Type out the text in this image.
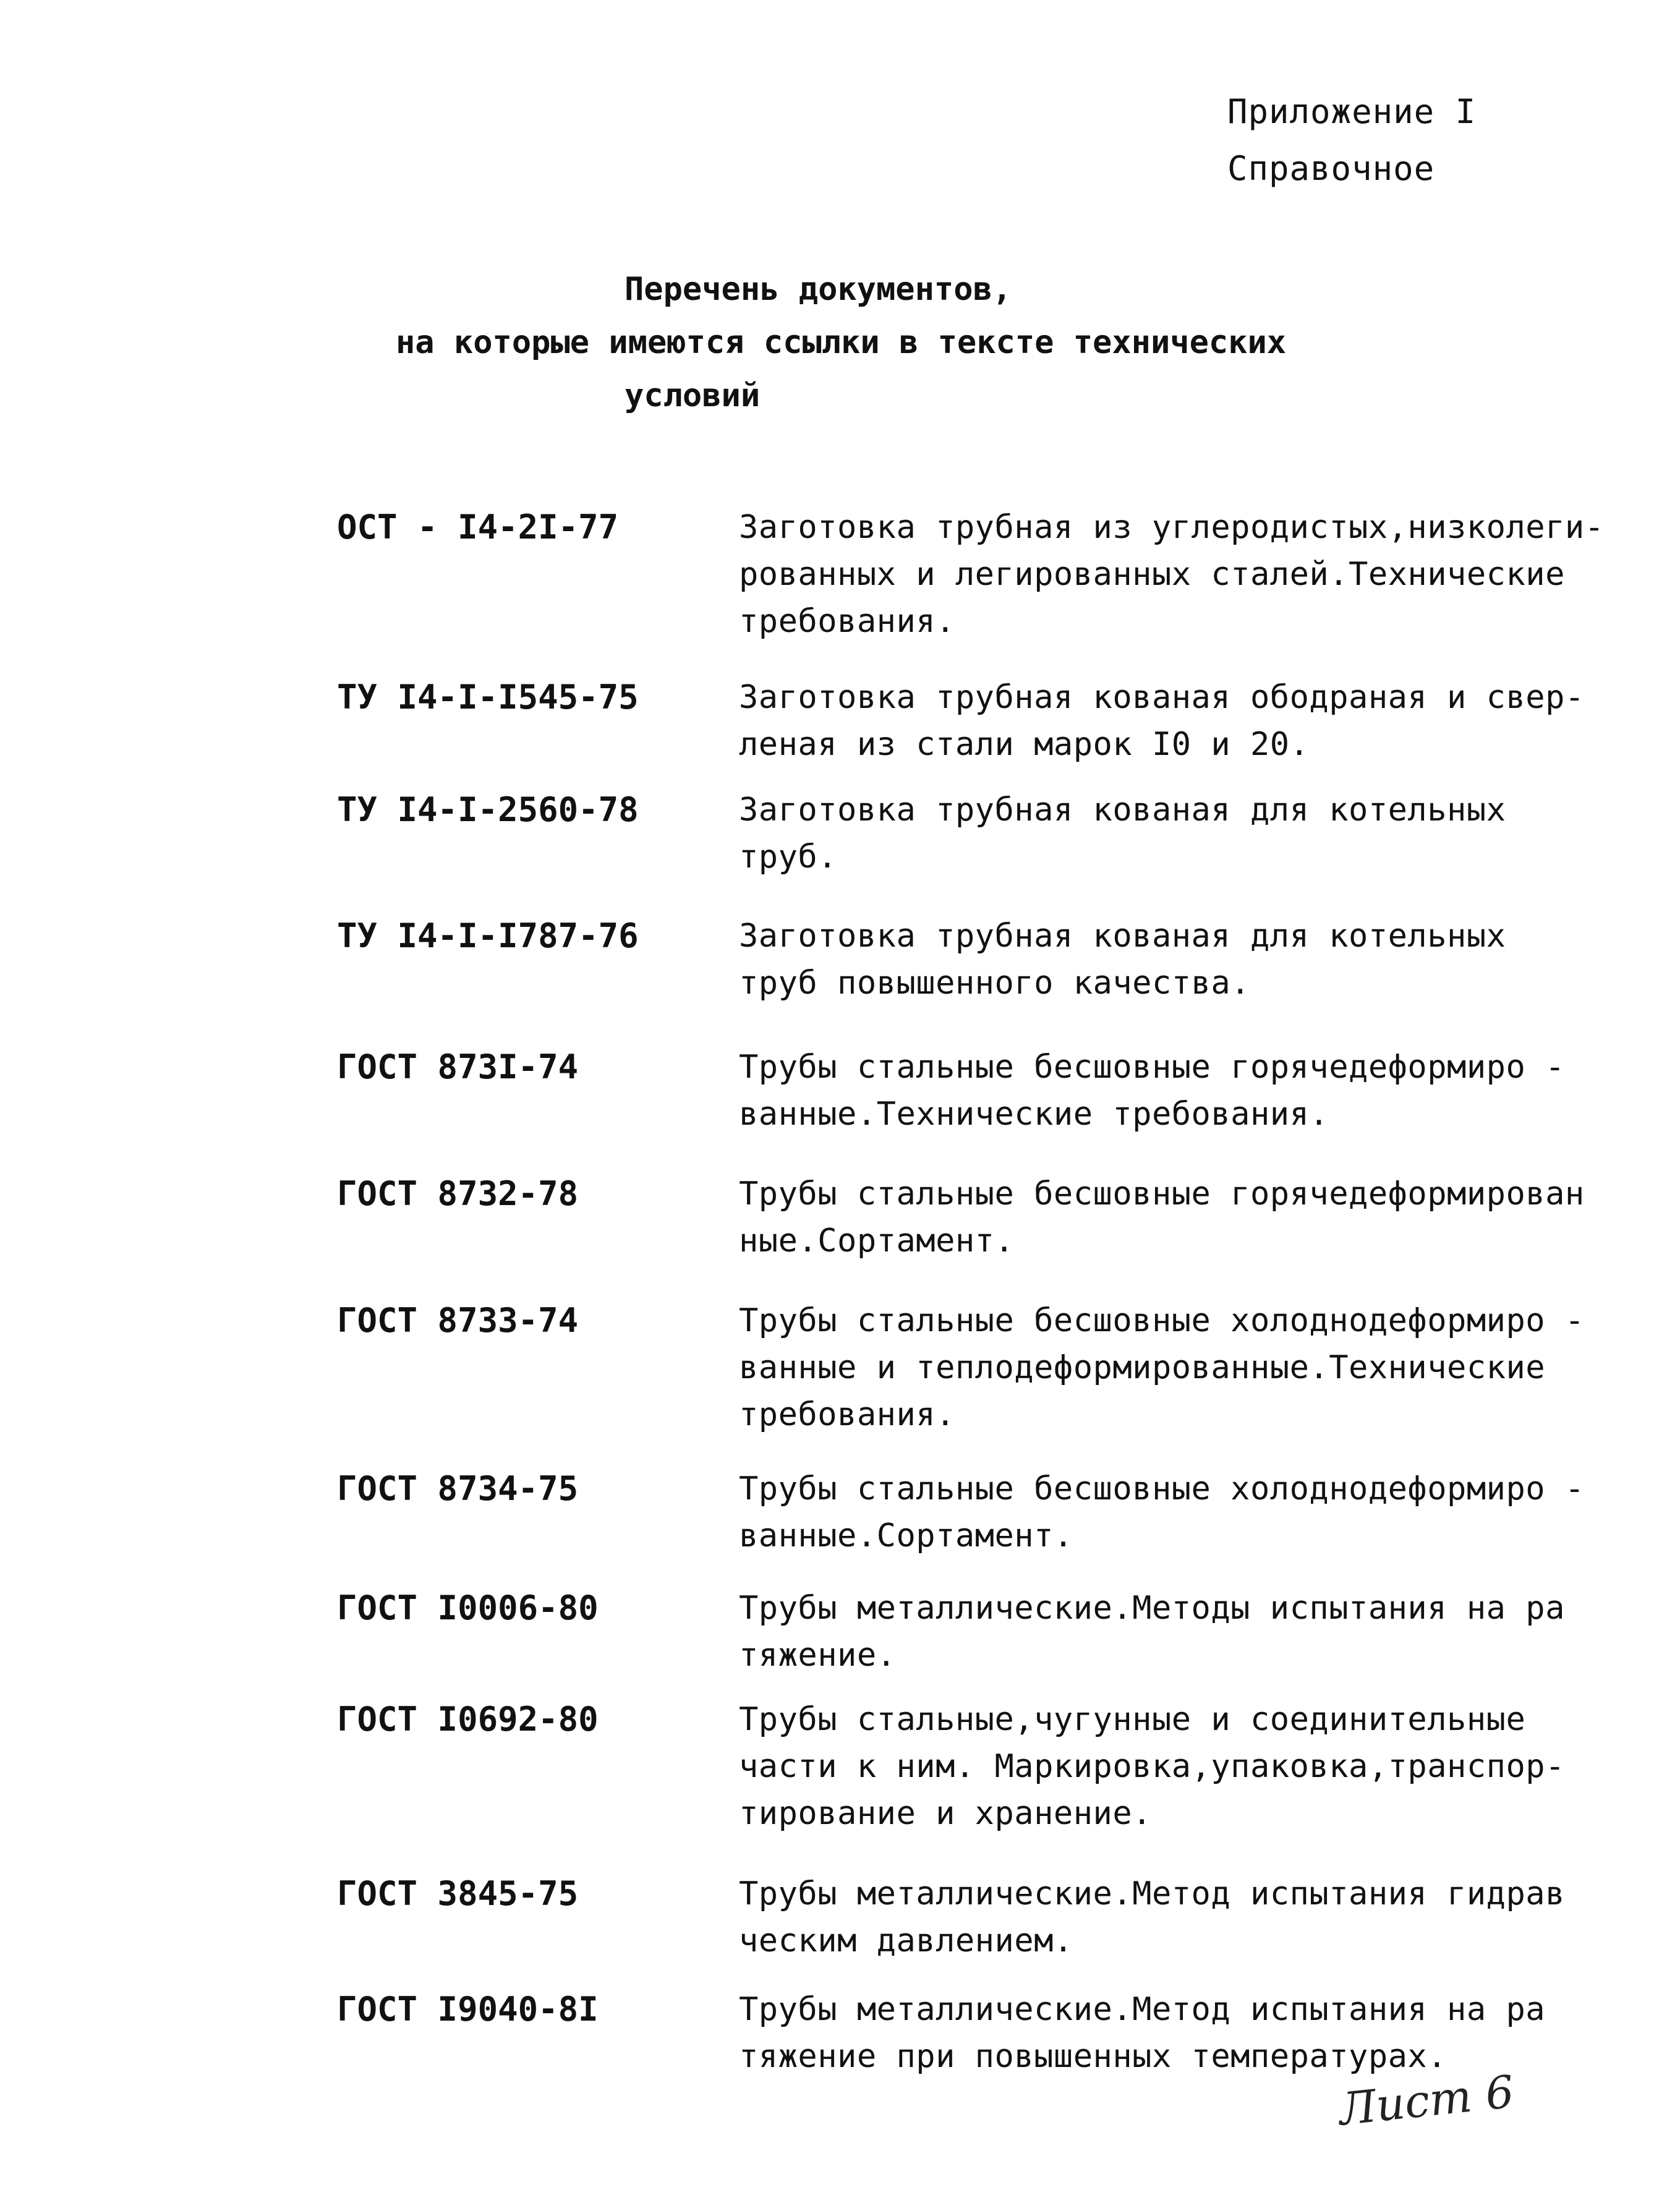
Приложение I
Справочное
Перечень документов,
на которые имеются ссылки в тексте технических
условий
ОСТ - I4-2I-77	Заготовка трубная из углеродистых,низколеги-
рованных и легированных сталей.Технические
требования.
ТУ I4-I-I545-75	Заготовка трубная кованая ободраная и свер-
леная из стали марок I0 и 20.
ТУ I4-I-2560-78	Заготовка трубная кованая для котельных
труб.
ТУ I4-I-I787-76	Заготовка трубная кованая для котельных
труб повышенного качества.
ГОСТ 873I-74	Трубы стальные бесшовные горячедеформиро -
ванные.Технические требования.
ГОСТ 8732-78	Трубы стальные бесшовные горячедеформирован
ные.Сортамент.
ГОСТ 8733-74	Трубы стальные бесшовные холоднодеформиро -
ванные и теплодеформированные.Технические
требования.
ГОСТ 8734-75	Трубы стальные бесшовные холоднодеформиро -
ванные.Сортамент.
ГОСТ I0006-80	Трубы металлические.Методы испытания на ра
тяжение.
ГОСТ I0692-80	Трубы стальные,чугунные и соединительные
части к ним. Маркировка,упаковка,транспор-
тирование и хранение.
ГОСТ 3845-75	Трубы металлические.Метод испытания гидрав
ческим давлением.
ГОСТ I9040-8I	Трубы металлические.Метод испытания на ра
тяжение при повышенных температурах.
Лист 6
